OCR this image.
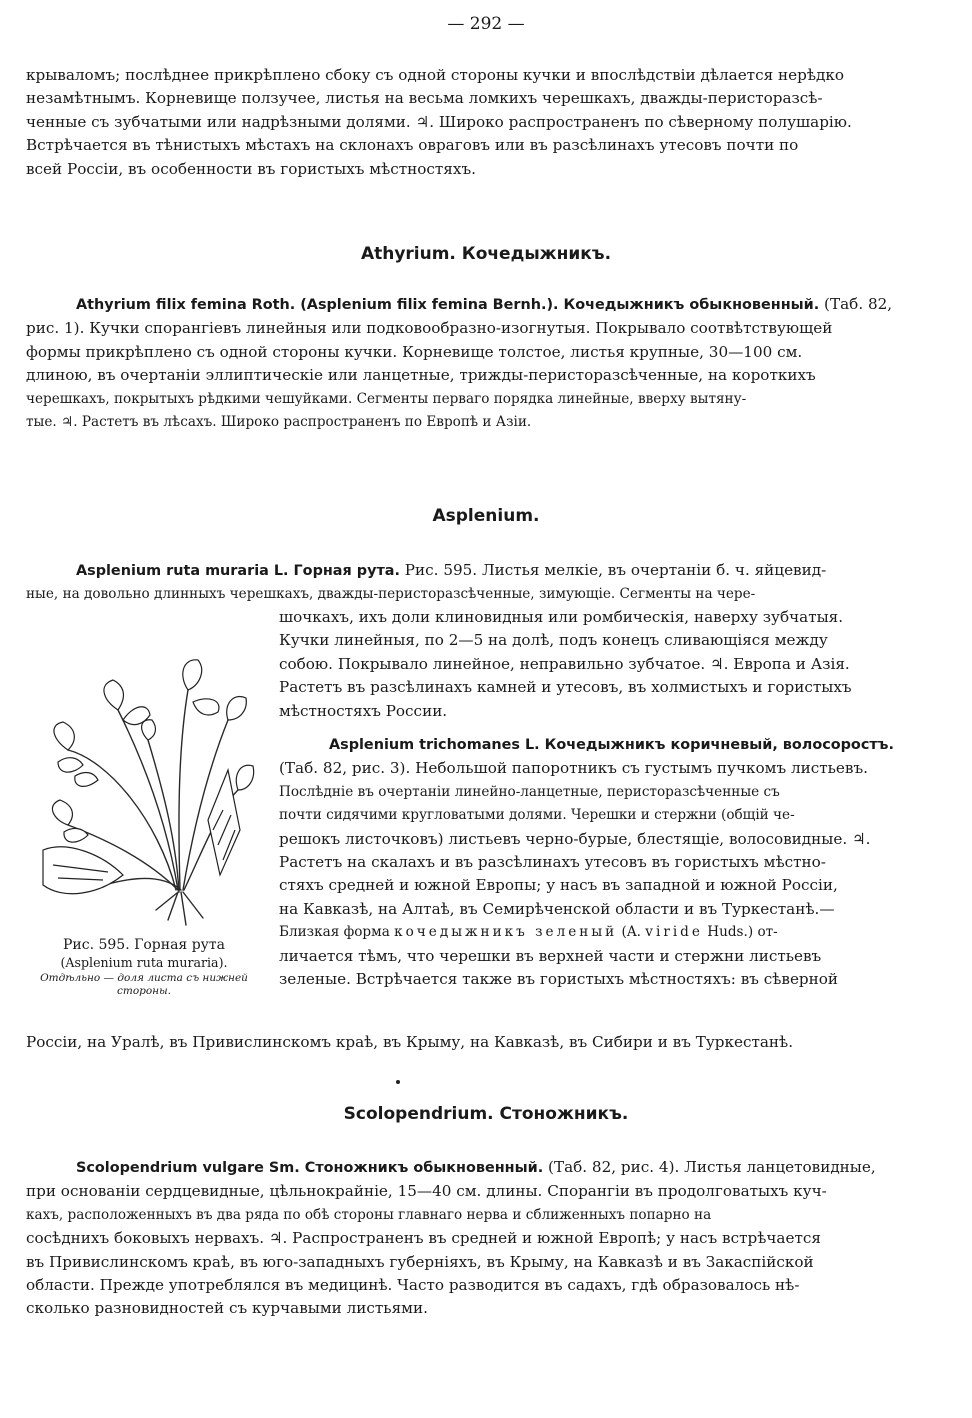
— 292 —
крываломъ; послѣднее прикрѣплено сбоку съ одной стороны кучки и впослѣдствіи дѣлается нерѣдко
незамѣтнымъ. Корневище ползучее, листья на весьма ломкихъ черешкахъ, дважды-перисторазсѣ-
ченные съ зубчатыми или надрѣзными долями. ♃. Широко распространенъ по сѣверному полушарію.
Встрѣчается въ тѣнистыхъ мѣстахъ на склонахъ овраговъ или въ разсѣлинахъ утесовъ почти по
всей Россіи, въ особенности въ гористыхъ мѣстностяхъ.
Athyrium. Кочедыжникъ.
Athyrium filix femina Roth. (Asplenium filix femina Bernh.). Кочедыжникъ обыкновенный. (Таб. 82,
рис. 1). Кучки спорангіевъ линейныя или подковообразно-изогнутыя. Покрывало соотвѣтствующей
формы прикрѣплено съ одной стороны кучки. Корневище толстое, листья крупные, 30—100 см.
длиною, въ очертаніи эллиптическіе или ланцетные, трижды-перисторазсѣченные, на короткихъ
черешкахъ, покрытыхъ рѣдкими чешуйками. Сегменты перваго порядка линейные, вверху вытяну-
тые. ♃. Растетъ въ лѣсахъ. Широко распространенъ по Европѣ и Азіи.
Asplenium.
Asplenium ruta muraria L. Горная рута. Рис. 595. Листья мелкіе, въ очертаніи б. ч. яйцевид-
ные, на довольно длинныхъ черешкахъ, дважды-перисторазсѣченные, зимующіе. Сегменты на чере-
шочкахъ, ихъ доли клиновидныя или ромбическія, наверху зубчатыя.
Кучки линейныя, по 2—5 на долѣ, подъ конецъ сливающіяся между
собою. Покрывало линейное, неправильно зубчатое. ♃. Европа и Азія.
Растетъ въ разсѣлинахъ камней и утесовъ, въ холмистыхъ и гористыхъ
мѣстностяхъ России.
Asplenium trichomanes L. Кочедыжникъ коричневый, волосоростъ.
(Таб. 82, рис. 3). Небольшой папоротникъ съ густымъ пучкомъ листьевъ.
Послѣдніе въ очертаніи линейно-ланцетные, перисторазсѣченные съ
почти сидячими кругловатыми долями. Черешки и стержни (общій че-
решокъ листочковъ) листьевъ черно-бурые, блестящіе, волосовидные. ♃.
Растетъ на скалахъ и въ разсѣлинахъ утесовъ въ гористыхъ мѣстно-
стяхъ средней и южной Европы; у насъ въ западной и южной Россіи,
на Кавказѣ, на Алтаѣ, въ Семирѣченской области и въ Туркестанѣ.—
Близкая форма кочедыжникъ зеленый (A. viride Huds.) от-
личается тѣмъ, что черешки въ верхней части и стержни листьевъ
зеленые. Встрѣчается также въ гористыхъ мѣстностяхъ: въ сѣверной
Россіи, на Уралѣ, въ Привислинскомъ краѣ, въ Крыму, на Кавказѣ, въ Сибири и въ Туркестанѣ.
Рис. 595. Горная рута
(Asplenium ruta muraria).
Отдѣльно — доля листа съ нижней
стороны.
Scolopendrium. Стоножникъ.
Scolopendrium vulgare Sm. Стоножникъ обыкновенный. (Таб. 82, рис. 4). Листья ланцетовидные,
при основаніи сердцевидные, цѣльнокрайніе, 15—40 см. длины. Спорангіи въ продолговатыхъ куч-
кахъ, расположенныхъ въ два ряда по обѣ стороны главнаго нерва и сближенныхъ попарно на
сосѣднихъ боковыхъ нервахъ. ♃. Распространенъ въ средней и южной Европѣ; у насъ встрѣчается
въ Привислинскомъ краѣ, въ юго-западныхъ губерніяхъ, въ Крыму, на Кавказѣ и въ Закаспійской
области. Прежде употреблялся въ медицинѣ. Часто разводится въ садахъ, гдѣ образовалось нѣ-
сколько разновидностей съ курчавыми листьями.
